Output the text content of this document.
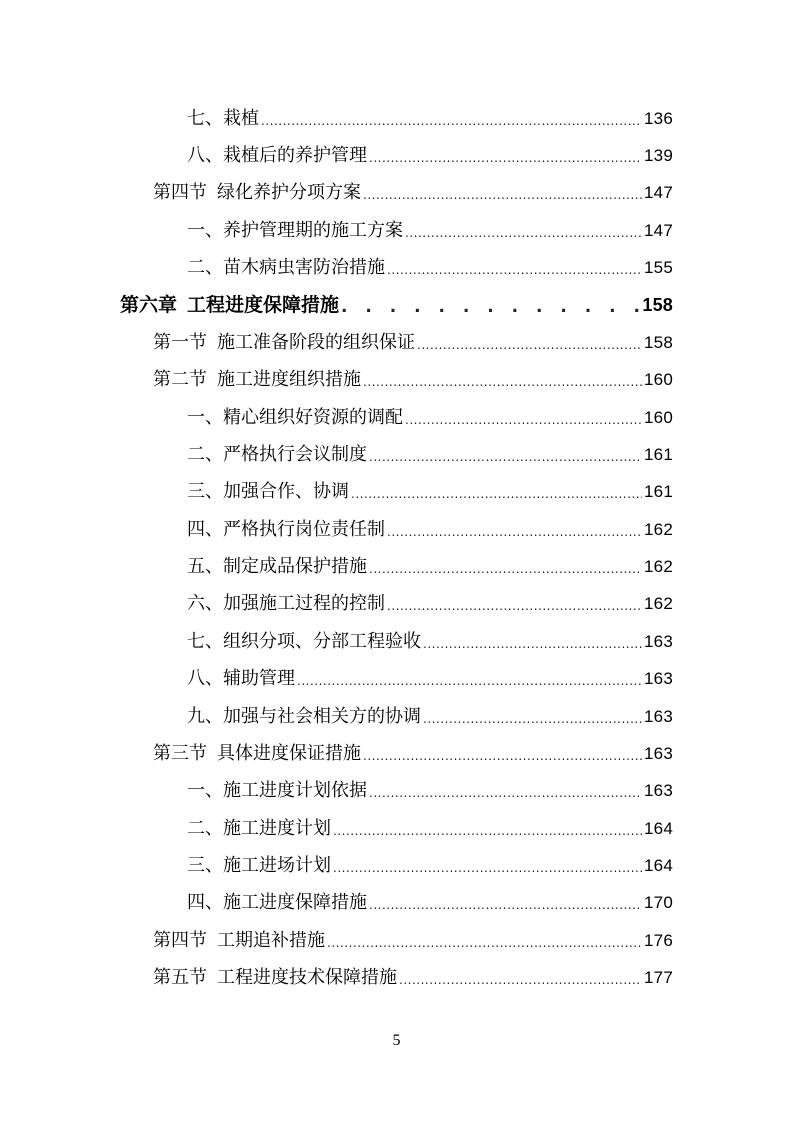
七、栽植 .....	136
八、栽植后的养护管理 .....	139
第四节 绿化养护分项方案 .....	147
一、养护管理期的施工方案 .....	147
二、苗木病虫害防治措施 .....	155
第六章 工程进度保障措施 . . .	158
第一节 施工准备阶段的组织保证 .....	158
第二节 施工进度组织措施 .....	160
一、精心组织好资源的调配 .....	160
二、严格执行会议制度 .....	161
三、加强合作、协调 .....	161
四、严格执行岗位责任制 .....	162
五、制定成品保护措施 .....	162
六、加强施工过程的控制 .....	162
七、组织分项、分部工程验收 .....	163
八、辅助管理 .....	163
九、加强与社会相关方的协调 .....	163
第三节 具体进度保证措施 .....	163
一、施工进度计划依据 .....	163
二、施工进度计划 .....	164
三、施工进场计划 .....	164
四、施工进度保障措施 .....	170
第四节 工期追补措施 .....	176
第五节 工程进度技术保障措施 .....	177
5
